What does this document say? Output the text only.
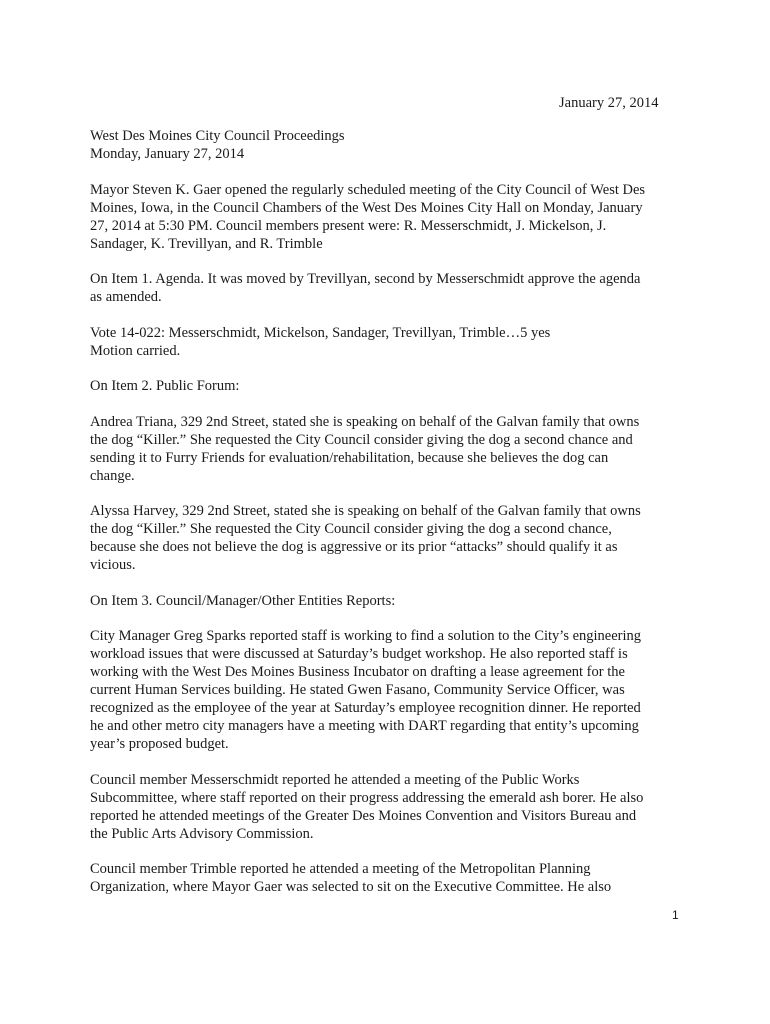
January 27, 2014

West Des Moines City Council Proceedings
Monday, January 27, 2014

Mayor Steven K. Gaer opened the regularly scheduled meeting of the City Council of West Des
Moines, Iowa, in the Council Chambers of the West Des Moines City Hall on Monday, January
27, 2014 at 5:30 PM. Council members present were: R. Messerschmidt, J. Mickelson, J.
Sandager, K. Trevillyan, and R. Trimble

On Item 1. Agenda. It was moved by Trevillyan, second by Messerschmidt approve the agenda
as amended.

Vote 14-022: Messerschmidt, Mickelson, Sandager, Trevillyan, Trimble…5 yes
Motion carried.

On Item 2. Public Forum:

Andrea Triana, 329 2nd Street, stated she is speaking on behalf of the Galvan family that owns
the dog “Killer.” She requested the City Council consider giving the dog a second chance and
sending it to Furry Friends for evaluation/rehabilitation, because she believes the dog can
change.

Alyssa Harvey, 329 2nd Street, stated she is speaking on behalf of the Galvan family that owns
the dog “Killer.” She requested the City Council consider giving the dog a second chance,
because she does not believe the dog is aggressive or its prior “attacks” should qualify it as
vicious.

On Item 3. Council/Manager/Other Entities Reports:

City Manager Greg Sparks reported staff is working to find a solution to the City’s engineering
workload issues that were discussed at Saturday’s budget workshop. He also reported staff is
working with the West Des Moines Business Incubator on drafting a lease agreement for the
current Human Services building. He stated Gwen Fasano, Community Service Officer, was
recognized as the employee of the year at Saturday’s employee recognition dinner. He reported
he and other metro city managers have a meeting with DART regarding that entity’s upcoming
year’s proposed budget.

Council member Messerschmidt reported he attended a meeting of the Public Works
Subcommittee, where staff reported on their progress addressing the emerald ash borer. He also
reported he attended meetings of the Greater Des Moines Convention and Visitors Bureau and
the Public Arts Advisory Commission.

Council member Trimble reported he attended a meeting of the Metropolitan Planning
Organization, where Mayor Gaer was selected to sit on the Executive Committee. He also

1
